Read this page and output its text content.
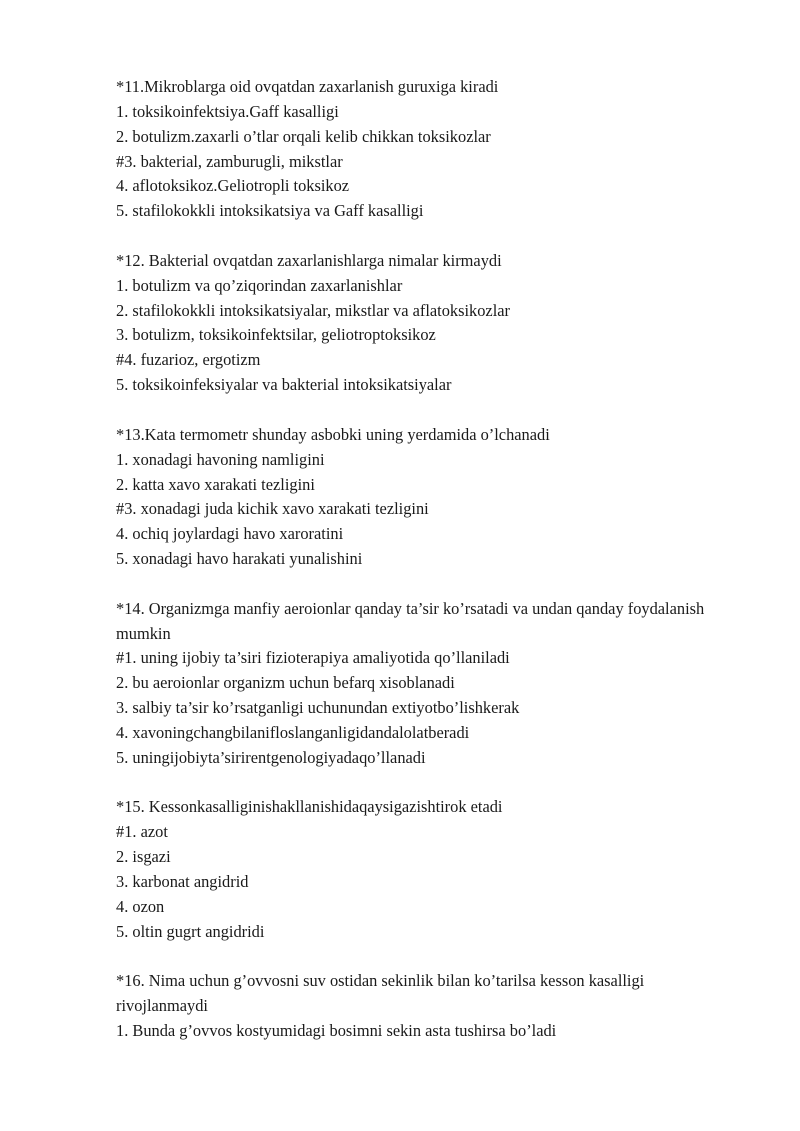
*11.Mikroblarga oid ovqatdan zaxarlanish guruxiga kiradi
1. toksikoinfektsiya.Gaff kasalligi
2. botulizm.zaxarli o’tlar orqali kelib chikkan toksikozlar
#3. bakterial, zamburugli, mikstlar
4. aflotoksikoz.Geliotropli toksikoz
5. stafilokokkli intoksikatsiya va Gaff kasalligi
*12. Bakterial ovqatdan zaxarlanishlarga nimalar kirmaydi
1. botulizm va qo’ziqorindan zaxarlanishlar
2. stafilokokkli intoksikatsiyalar, mikstlar va aflatoksikozlar
3. botulizm, toksikoinfektsilar, geliotroptoksikoz
#4. fuzarioz, ergotizm
5. toksikoinfeksiyalar va bakterial intoksikatsiyalar
*13.Kata termometr shunday asbobki uning yerdamida o’lchanadi
1. xonadagi havoning namligini
2. katta xavo xarakati tezligini
#3. xonadagi juda kichik xavo xarakati tezligini
4. ochiq joylardagi havo xaroratini
5. xonadagi havo harakati yunalishini
*14. Organizmga manfiy aeroionlar qanday ta’sir ko’rsatadi va undan qanday foydalanish mumkin
#1. uning ijobiy ta’siri fizioterapiya amaliyotida qo’llaniladi
2. bu aeroionlar organizm uchun befarq xisoblanadi
3. salbiy ta’sir ko’rsatganligi uchunundan extiyotbo’lishkerak
4. xavoningchangbilanifloslanganligidandalolatberadi
5. uningijobiyta’sirirentgenologiyadaqo’llanadi
*15. Kessonkasalliginishakllanishidaqaysigazishtirok etadi
#1. azot
2. isgazi
3. karbonat angidrid
4. ozon
5. oltin gugrt angidridi
*16. Nima uchun g’ovvosni suv ostidan sekinlik bilan ko’tarilsa kesson kasalligi rivojlanmaydi
1. Bunda g’ovvos kostyumidagi bosimni sekin asta tushirsa bo’ladi
